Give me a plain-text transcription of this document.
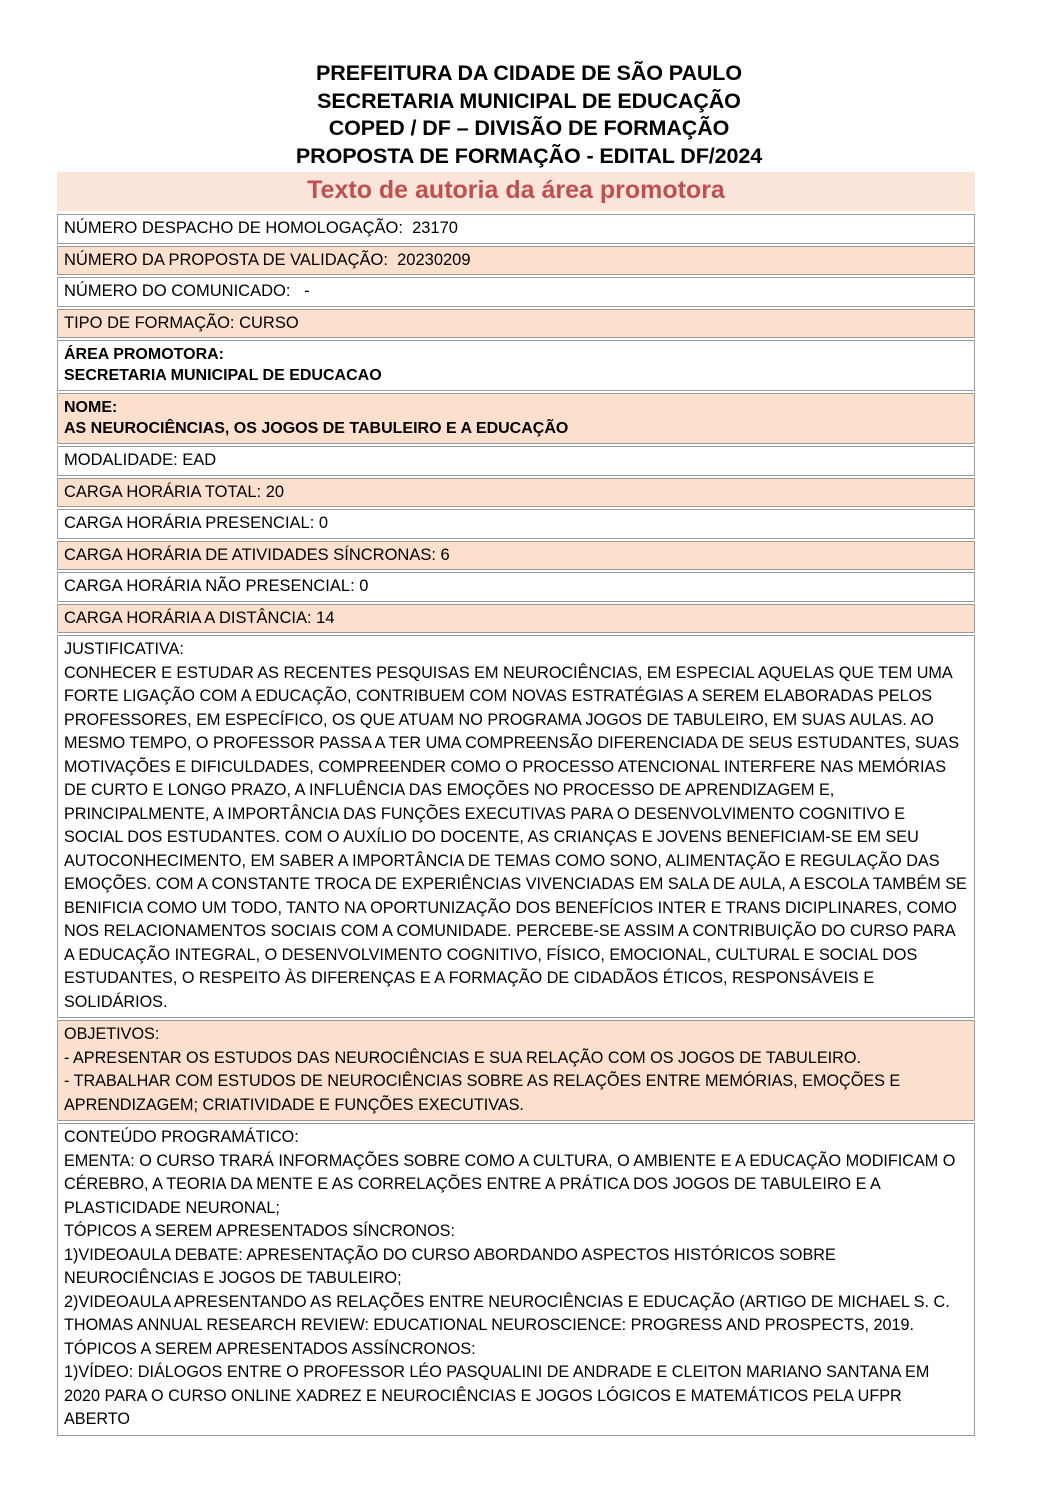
PREFEITURA DA CIDADE DE SÃO PAULO
SECRETARIA MUNICIPAL DE EDUCAÇÃO
COPED / DF – DIVISÃO DE FORMAÇÃO
PROPOSTA DE FORMAÇÃO - EDITAL DF/2024
Texto de autoria da área promotora
NÚMERO DESPACHO DE HOMOLOGAÇÃO:  23170
NÚMERO DA PROPOSTA DE VALIDAÇÃO:  20230209
NÚMERO DO COMUNICADO:   -
TIPO DE FORMAÇÃO: CURSO
ÁREA PROMOTORA:
SECRETARIA MUNICIPAL DE EDUCACAO
NOME:
AS NEUROCIÊNCIAS, OS JOGOS DE TABULEIRO E A EDUCAÇÃO
MODALIDADE: EAD
CARGA HORÁRIA TOTAL: 20
CARGA HORÁRIA PRESENCIAL: 0
CARGA HORÁRIA DE ATIVIDADES SÍNCRONAS: 6
CARGA HORÁRIA NÃO PRESENCIAL: 0
CARGA HORÁRIA A DISTÂNCIA: 14
JUSTIFICATIVA:
CONHECER E ESTUDAR AS RECENTES PESQUISAS EM NEUROCIÊNCIAS, EM ESPECIAL AQUELAS QUE TEM UMA FORTE LIGAÇÃO COM A EDUCAÇÃO, CONTRIBUEM COM NOVAS ESTRATÉGIAS A SEREM ELABORADAS PELOS PROFESSORES, EM ESPECÍFICO, OS QUE ATUAM NO PROGRAMA JOGOS DE TABULEIRO, EM SUAS AULAS. AO MESMO TEMPO, O PROFESSOR PASSA A TER UMA COMPREENSÃO DIFERENCIADA DE SEUS ESTUDANTES, SUAS MOTIVAÇÕES E DIFICULDADES, COMPREENDER COMO O PROCESSO ATENCIONAL INTERFERE NAS MEMÓRIAS DE CURTO E LONGO PRAZO, A INFLUÊNCIA DAS EMOÇÕES NO PROCESSO DE APRENDIZAGEM E, PRINCIPALMENTE, A IMPORTÂNCIA DAS FUNÇÕES EXECUTIVAS PARA O DESENVOLVIMENTO COGNITIVO E SOCIAL DOS ESTUDANTES. COM O AUXÍLIO DO DOCENTE, AS CRIANÇAS E JOVENS BENEFICIAM-SE EM SEU AUTOCONHECIMENTO, EM SABER A IMPORTÂNCIA DE TEMAS COMO SONO, ALIMENTAÇÃO E REGULAÇÃO DAS EMOÇÕES. COM A CONSTANTE TROCA DE EXPERIÊNCIAS VIVENCIADAS EM SALA DE AULA, A ESCOLA TAMBÉM SE BENIFICIA COMO UM TODO, TANTO NA OPORTUNIZAÇÃO DOS BENEFÍCIOS INTER E TRANS DICIPLINARES, COMO NOS RELACIONAMENTOS SOCIAIS COM A COMUNIDADE. PERCEBE-SE ASSIM A CONTRIBUIÇÃO DO CURSO PARA A EDUCAÇÃO INTEGRAL, O DESENVOLVIMENTO COGNITIVO, FÍSICO, EMOCIONAL, CULTURAL E SOCIAL DOS ESTUDANTES, O RESPEITO ÀS DIFERENÇAS E A FORMAÇÃO DE CIDADÃOS ÉTICOS, RESPONSÁVEIS E SOLIDÁRIOS.
OBJETIVOS:
- APRESENTAR OS ESTUDOS DAS NEUROCIÊNCIAS E SUA RELAÇÃO COM OS JOGOS DE TABULEIRO.
- TRABALHAR COM ESTUDOS DE NEUROCIÊNCIAS SOBRE AS RELAÇÕES ENTRE MEMÓRIAS, EMOÇÕES E APRENDIZAGEM; CRIATIVIDADE E FUNÇÕES EXECUTIVAS.
CONTEÚDO PROGRAMÁTICO:
EMENTA: O CURSO TRARÁ INFORMAÇÕES SOBRE COMO A CULTURA, O AMBIENTE E A EDUCAÇÃO MODIFICAM O CÉREBRO, A TEORIA DA MENTE E AS CORRELAÇÕES ENTRE A PRÁTICA DOS JOGOS DE TABULEIRO E A PLASTICIDADE NEURONAL;
TÓPICOS A SEREM APRESENTADOS SÍNCRONOS:
1)VIDEOAULA DEBATE: APRESENTAÇÃO DO CURSO ABORDANDO ASPECTOS HISTÓRICOS SOBRE NEUROCIÊNCIAS E JOGOS DE TABULEIRO;
2)VIDEOAULA APRESENTANDO AS RELAÇÕES ENTRE NEUROCIÊNCIAS E EDUCAÇÃO (ARTIGO DE MICHAEL S. C. THOMAS ANNUAL RESEARCH REVIEW: EDUCATIONAL NEUROSCIENCE: PROGRESS AND PROSPECTS, 2019.
TÓPICOS A SEREM APRESENTADOS ASSÍNCRONOS:
1)VÍDEO: DIÁLOGOS ENTRE O PROFESSOR LÉO PASQUALINI DE ANDRADE E CLEITON MARIANO SANTANA EM 2020 PARA O CURSO ONLINE XADREZ E NEUROCIÊNCIAS E JOGOS LÓGICOS E MATEMÁTICOS PELA UFPR ABERTO
